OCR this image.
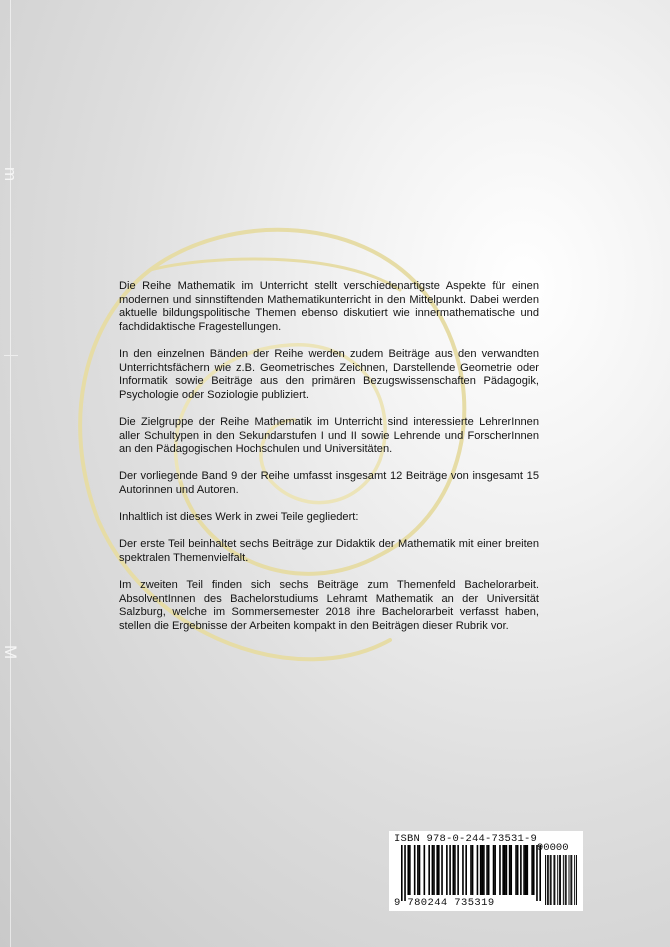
m
M

Die Reihe Mathematik im Unterricht stellt verschiedenartigste Aspekte für einen modernen und sinnstiftenden Mathematikunterricht in den Mittelpunkt. Dabei werden aktuelle bildungspolitische Themen ebenso diskutiert wie innermathematische und fachdidaktische Fragestellungen.

In den einzelnen Bänden der Reihe werden zudem Beiträge aus den verwandten Unterrichtsfächern wie z.B. Geometrisches Zeichnen, Darstellende Geometrie oder Informatik sowie Beiträge aus den primären Bezugswissenschaften Pädagogik, Psychologie oder Soziologie publiziert.

Die Zielgruppe der Reihe Mathematik im Unterricht sind interessierte LehrerInnen aller Schultypen in den Sekundarstufen I und II sowie Lehrende und ForscherInnen an den Pädagogischen Hochschulen und Universitäten.

Der vorliegende Band 9 der Reihe umfasst insgesamt 12 Beiträge von insgesamt 15 Autorinnen und Autoren.

Inhaltlich ist dieses Werk in zwei Teile gegliedert:

Der erste Teil beinhaltet sechs Beiträge zur Didaktik der Mathematik mit einer breiten spektralen Themenvielfalt.

Im zweiten Teil finden sich sechs Beiträge zum Themenfeld Bachelorarbeit. AbsolventInnen des Bachelorstudiums Lehramt Mathematik an der Universität Salzburg, welche im Sommersemester 2018 ihre Bachelorarbeit verfasst haben, stellen die Ergebnisse der Arbeiten kompakt in den Beiträgen dieser Rubrik vor.

ISBN 978-0-244-73531-9
90000
9 780244 735319
